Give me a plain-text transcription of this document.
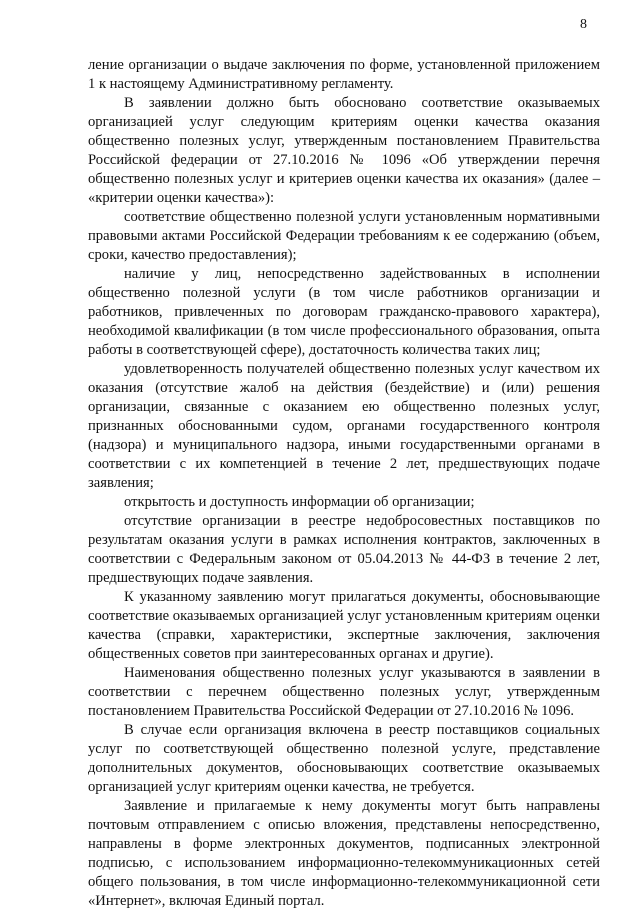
8

ление организации о выдаче заключения по форме, установленной приложением 1 к настоящему Административному регламенту.

В заявлении должно быть обосновано соответствие оказываемых организацией услуг следующим критериям оценки качества оказания общественно полезных услуг, утвержденным постановлением Правительства Российской федерации от 27.10.2016 № 1096 «Об утверждении перечня общественно полезных услуг и критериев оценки качества их оказания» (далее – «критерии оценки качества»):

соответствие общественно полезной услуги установленным нормативными правовыми актами Российской Федерации требованиям к ее содержанию (объем, сроки, качество предоставления);

наличие у лиц, непосредственно задействованных в исполнении общественно полезной услуги (в том числе работников организации и работников, привлеченных по договорам гражданско-правового характера), необходимой квалификации (в том числе профессионального образования, опыта работы в соответствующей сфере), достаточность количества таких лиц;

удовлетворенность получателей общественно полезных услуг качеством их оказания (отсутствие жалоб на действия (бездействие) и (или) решения организации, связанные с оказанием ею общественно полезных услуг, признанных обоснованными судом, органами государственного контроля (надзора) и муниципального надзора, иными государственными органами в соответствии с их компетенцией в течение 2 лет, предшествующих подаче заявления;

открытость и доступность информации об организации;

отсутствие организации в реестре недобросовестных поставщиков по результатам оказания услуги в рамках исполнения контрактов, заключенных в соответствии с Федеральным законом от 05.04.2013 № 44-ФЗ в течение 2 лет, предшествующих подаче заявления.

К указанному заявлению могут прилагаться документы, обосновывающие соответствие оказываемых организацией услуг установленным критериям оценки качества (справки, характеристики, экспертные заключения, заключения общественных советов при заинтересованных органах и другие).

Наименования общественно полезных услуг указываются в заявлении в соответствии с перечнем общественно полезных услуг, утвержденным постановлением Правительства Российской Федерации от 27.10.2016 № 1096.

В случае если организация включена в реестр поставщиков социальных услуг по соответствующей общественно полезной услуге, представление дополнительных документов, обосновывающих соответствие оказываемых организацией услуг критериям оценки качества, не требуется.

Заявление и прилагаемые к нему документы могут быть направлены почтовым отправлением с описью вложения, представлены непосредственно, направлены в форме электронных документов, подписанных электронной подписью, с использованием информационно-телекоммуникационных сетей общего пользования, в том числе информационно-телекоммуникационной сети «Интернет», включая Единый портал.
